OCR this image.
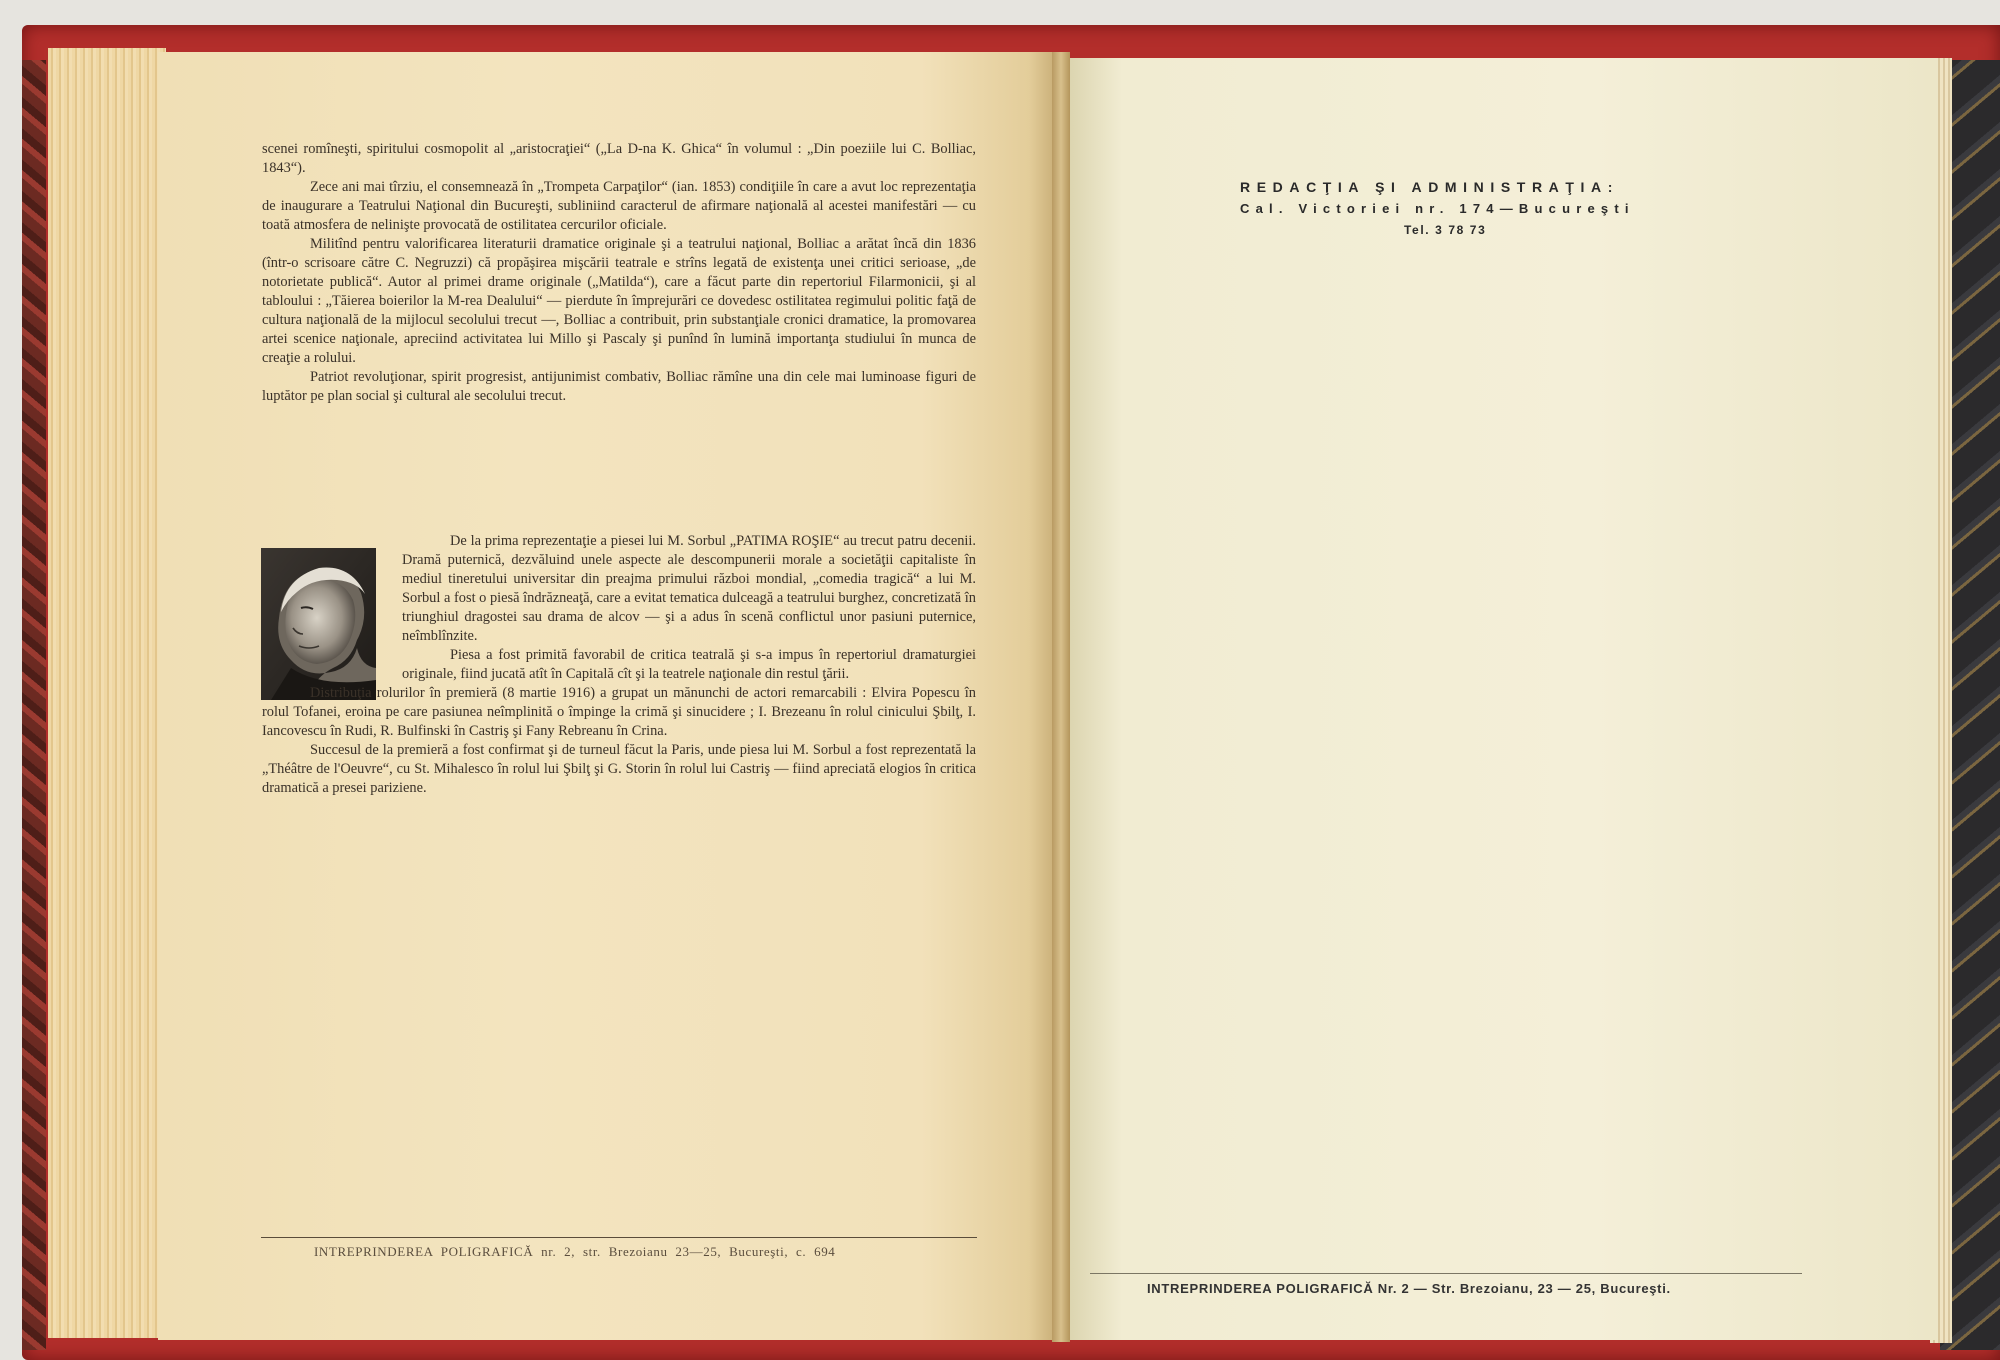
scenei romîneşti, spiritului cosmopolit al „aristocraţiei“ („La D-na K. Ghica“ în volumul : „Din poeziile lui C. Bolliac, 1843“).

Zece ani mai tîrziu, el consemnează în „Trompeta Carpaţilor“ (ian. 1853) condiţiile în care a avut loc reprezentaţia de inaugurare a Teatrului Naţional din Bucureşti, subliniind caracterul de afirmare naţională al acestei manifestări — cu toată atmosfera de nelinişte provocată de ostilitatea cercurilor oficiale.

Militînd pentru valorificarea literaturii dramatice originale şi a teatrului naţional, Bolliac a arătat încă din 1836 (într-o scrisoare către C. Negruzzi) că propăşirea mişcării teatrale e strîns legată de existenţa unei critici serioase, „de notorietate publică“. Autor al primei drame originale („Matilda“), care a făcut parte din repertoriul Filarmonicii, şi al tabloului : „Tăierea boierilor la M-rea Dealului“ — pierdute în împrejurări ce dovedesc ostilitatea regimului politic faţă de cultura naţională de la mijlocul secolului trecut —, Bolliac a contribuit, prin substanţiale cronici dramatice, la promovarea artei scenice naţionale, apreciind activitatea lui Millo şi Pascaly şi punînd în lumină importanţa studiului în munca de creaţie a rolului.

Patriot revoluţionar, spirit progresist, antijunimist combativ, Bolliac rămîne una din cele mai luminoase figuri de luptător pe plan social şi cultural ale secolului trecut.

De la prima reprezentaţie a piesei lui M. Sorbul „PATIMA ROŞIE“ au trecut patru decenii. Dramă puternică, dezvăluind unele aspecte ale descompunerii morale a societăţii capitaliste în mediul tineretului universitar din preajma primului război mondial, „comedia tragică“ a lui M. Sorbul a fost o piesă îndrăzneaţă, care a evitat tematica dulceagă a teatrului burghez, concretizată în triunghiul dragostei sau drama de alcov — şi a adus în scenă conflictul unor pasiuni puternice, neîmblînzite.

Piesa a fost primită favorabil de critica teatrală şi s-a impus în repertoriul dramaturgiei originale, fiind jucată atît în Capitală cît şi la teatrele naţionale din restul ţării.

Distribuţia rolurilor în premieră (8 martie 1916) a grupat un mănunchi de actori remarcabili : Elvira Popescu în rolul Tofanei, eroina pe care pasiunea neîmplinită o împinge la crimă şi sinucidere ; I. Brezeanu în rolul cinicului Şbilţ, I. Iancovescu în Rudi, R. Bulfinski în Castriş şi Fany Rebreanu în Crina.

Succesul de la premieră a fost confirmat şi de turneul făcut la Paris, unde piesa lui M. Sorbul a fost reprezentată la „Théâtre de l'Oeuvre“, cu St. Mihalesco în rolul lui Şbilţ şi G. Storin în rolul lui Castriş — fiind apreciată elogios în critica dramatică a presei pariziene.

INTREPRINDEREA POLIGRAFICĂ nr. 2, str. Brezoianu 23—25, Bucureşti, c. 694
REDACŢIA ŞI ADMINISTRAŢIA:
Cal. Victoriei nr. 174—Bucureşti
Tel. 3 78 73
INTREPRINDEREA POLIGRAFICĂ Nr. 2 — Str. Brezoianu, 23 — 25, Bucureşti.
